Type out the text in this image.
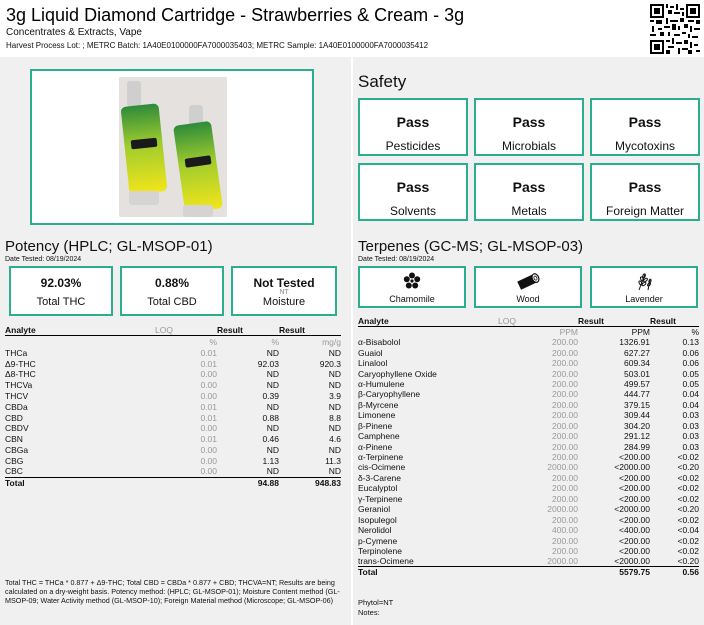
3g Liquid Diamond Cartridge - Strawberries & Cream - 3g
Concentrates & Extracts, Vape
Harvest Process Lot: ; METRC Batch: 1A40E0100000FA7000035403; METRC Sample: 1A40E0100000FA7000035412
Safety
Pass
Pesticides
Pass
Microbials
Pass
Mycotoxins
Pass
Solvents
Pass
Metals
Pass
Foreign Matter
Potency (HPLC; GL-MSOP-01)
Date Tested: 08/19/2024
92.03%
Total THC
0.88%
Total CBD
Not Tested
NT
Moisture
Analyte	LOQ	Result	Result
	%	%	mg/g
THCa	0.01	ND	ND
Δ9-THC	0.01	92.03	920.3
Δ8-THC	0.00	ND	ND
THCVa	0.00	ND	ND
THCV	0.00	0.39	3.9
CBDa	0.01	ND	ND
CBD	0.01	0.88	8.8
CBDV	0.00	ND	ND
CBN	0.01	0.46	4.6
CBGa	0.00	ND	ND
CBG	0.00	1.13	11.3
CBC	0.00	ND	ND
Total		94.88	948.83
Total THC = THCa * 0.877 + Δ9-THC; Total CBD = CBDa * 0.877 + CBD; THCVA=NT; Results are being calculated on a dry-weight basis. Potency method: (HPLC; GL-MSOP-01); Moisture Content method (GL-MSOP-09; Water Activity method (GL-MSOP-10); Foreign Material method (Microscope; GL-MSOP-06)
Terpenes (GC-MS; GL-MSOP-03)
Date Tested: 08/19/2024
Chamomile	Wood	Lavender
Analyte	LOQ	Result	Result
	PPM	PPM	%
α-Bisabolol	200.00	1326.91	0.13
Guaiol	200.00	627.27	0.06
Linalool	200.00	609.34	0.06
Caryophyllene Oxide	200.00	503.01	0.05
α-Humulene	200.00	499.57	0.05
β-Caryophyllene	200.00	444.77	0.04
β-Myrcene	200.00	379.15	0.04
Limonene	200.00	309.44	0.03
β-Pinene	200.00	304.20	0.03
Camphene	200.00	291.12	0.03
α-Pinene	200.00	284.99	0.03
α-Terpinene	200.00	<200.00	<0.02
cis-Ocimene	2000.00	<2000.00	<0.20
δ-3-Carene	200.00	<200.00	<0.02
Eucalyptol	200.00	<200.00	<0.02
γ-Terpinene	200.00	<200.00	<0.02
Geraniol	2000.00	<2000.00	<0.20
Isopulegol	200.00	<200.00	<0.02
Nerolidol	400.00	<400.00	<0.04
p-Cymene	200.00	<200.00	<0.02
Terpinolene	200.00	<200.00	<0.02
trans-Ocimene	2000.00	<2000.00	<0.20
Total		5579.75	0.56
Phytol=NT
Notes:
